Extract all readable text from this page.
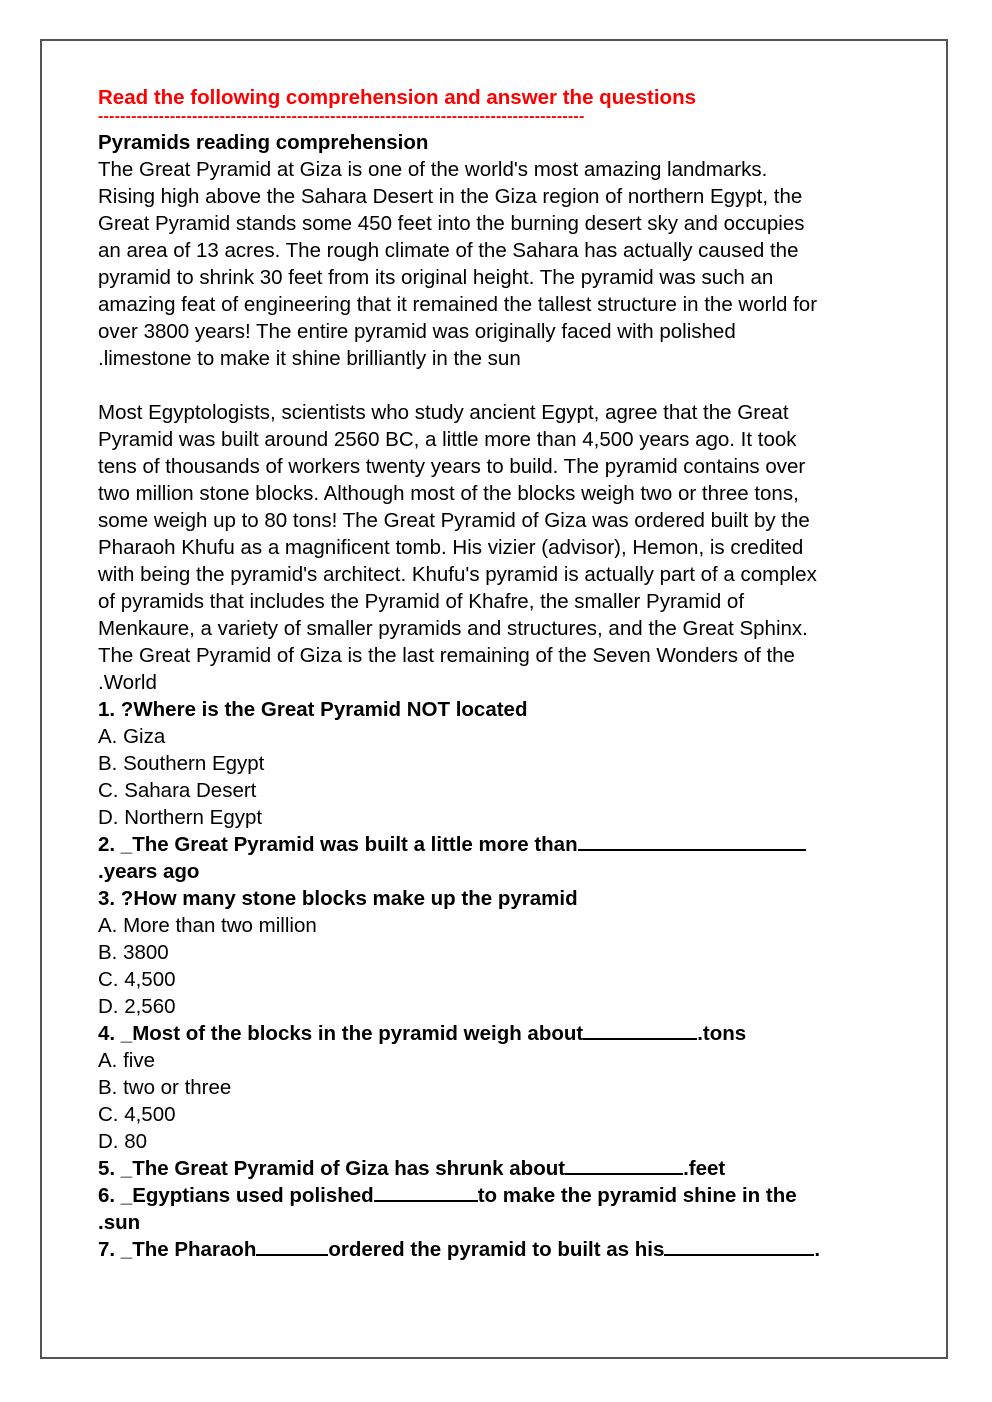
Read the following comprehension and answer the questions
----------------------------------------------------------------------------------------
Pyramids reading comprehension
The Great Pyramid at Giza is one of the world's most amazing landmarks.
Rising high above the Sahara Desert in the Giza region of northern Egypt, the
Great Pyramid stands some 450 feet into the burning desert sky and occupies
an area of 13 acres. The rough climate of the Sahara has actually caused the
pyramid to shrink 30 feet from its original height. The pyramid was such an
amazing feat of engineering that it remained the tallest structure in the world for
over 3800 years! The entire pyramid was originally faced with polished
.limestone to make it shine brilliantly in the sun
Most Egyptologists, scientists who study ancient Egypt, agree that the Great
Pyramid was built around 2560 BC, a little more than 4,500 years ago. It took
tens of thousands of workers twenty years to build. The pyramid contains over
two million stone blocks. Although most of the blocks weigh two or three tons,
some weigh up to 80 tons! The Great Pyramid of Giza was ordered built by the
Pharaoh Khufu as a magnificent tomb. His vizier (advisor), Hemon, is credited
with being the pyramid's architect. Khufu's pyramid is actually part of a complex
of pyramids that includes the Pyramid of Khafre, the smaller Pyramid of
Menkaure, a variety of smaller pyramids and structures, and the Great Sphinx.
The Great Pyramid of Giza is the last remaining of the Seven Wonders of the
.World
1. ?Where is the Great Pyramid NOT located
A. Giza
B. Southern Egypt
C. Sahara Desert
D. Northern Egypt
2. _The Great Pyramid was built a little more than
.years ago
3. ?How many stone blocks make up the pyramid
A. More than two million
B. 3800
C. 4,500
D. 2,560
4. _Most of the blocks in the pyramid weigh about	.tons
A. five
B. two or three
C. 4,500
D. 80
5. _The Great Pyramid of Giza has shrunk about	.feet
6. _Egyptians used polished	to make the pyramid shine in the
.sun
7. _The Pharaoh	ordered the pyramid to built as his	.
